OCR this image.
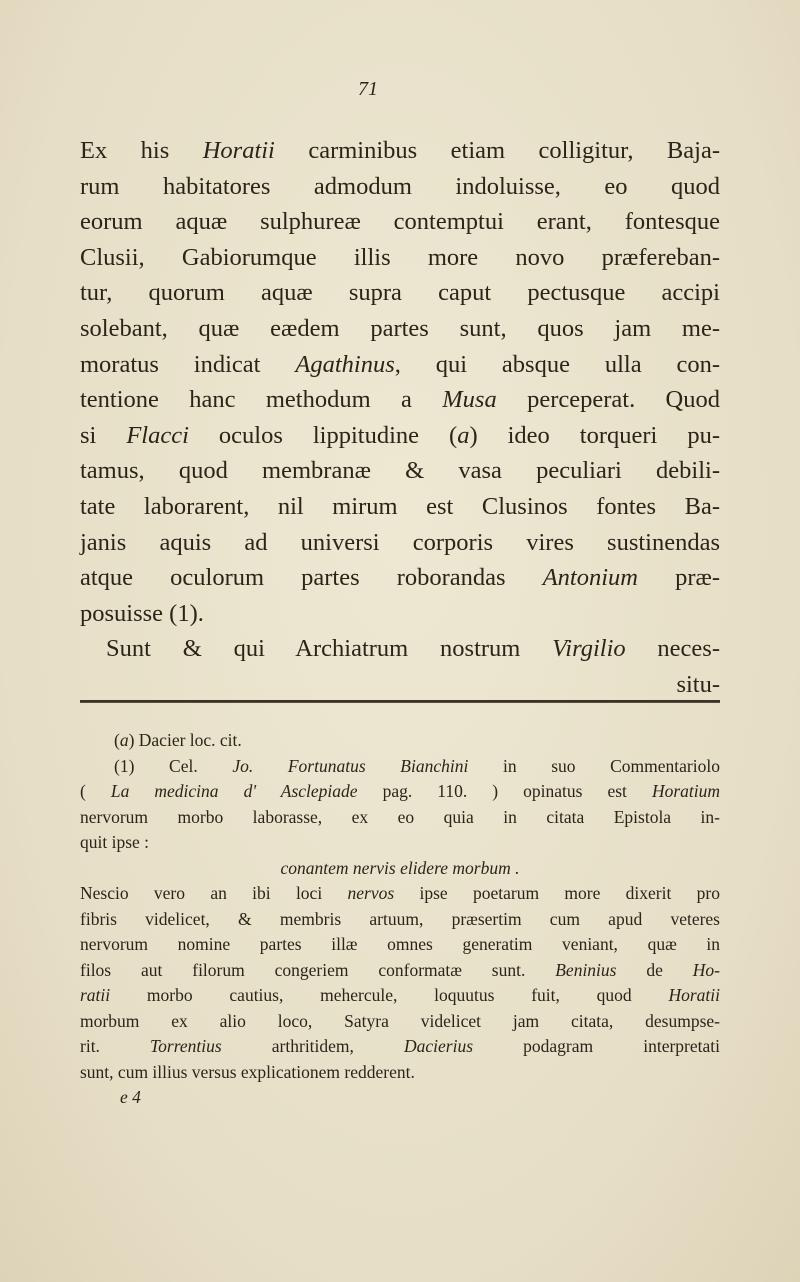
71
Ex his Horatii carminibus etiam colligitur, Baja-
rum habitatores admodum indoluisse, eo quod
eorum aquæ sulphureæ contemptui erant, fontesque
Clusii, Gabiorumque illis more novo præfereban-
tur, quorum aquæ supra caput pectusque accipi
solebant, quæ eædem partes sunt, quos jam me-
moratus indicat Agathinus, qui absque ulla con-
tentione hanc methodum a Musa perceperat. Quod
si Flacci oculos lippitudine (a) ideo torqueri pu-
tamus, quod membranæ & vasa peculiari debili-
tate laborarent, nil mirum est Clusinos fontes Ba-
janis aquis ad universi corporis vires sustinendas
atque oculorum partes roborandas Antonium præ-
posuisse (1).
Sunt & qui Archiatrum nostrum Virgilio neces-
situ-
(a) Dacier loc. cit.
(1) Cel. Jo. Fortunatus Bianchini in suo Commentariolo
( La medicina d' Asclepiade pag. 110. ) opinatus est Horatium
nervorum morbo laborasse, ex eo quia in citata Epistola in-
quit ipse :
conantem nervis elidere morbum .
Nescio vero an ibi loci nervos ipse poetarum more dixerit pro
fibris videlicet, & membris artuum, præsertim cum apud veteres
nervorum nomine partes illæ omnes generatim veniant, quæ in
filos aut filorum congeriem conformatæ sunt. Beninius de Ho-
ratii morbo cautius, mehercule, loquutus fuit, quod Horatii
morbum ex alio loco, Satyra videlicet jam citata, desumpse-
rit. Torrentius arthritidem, Dacierius podagram interpretati
sunt, cum illius versus explicationem redderent.
e 4
